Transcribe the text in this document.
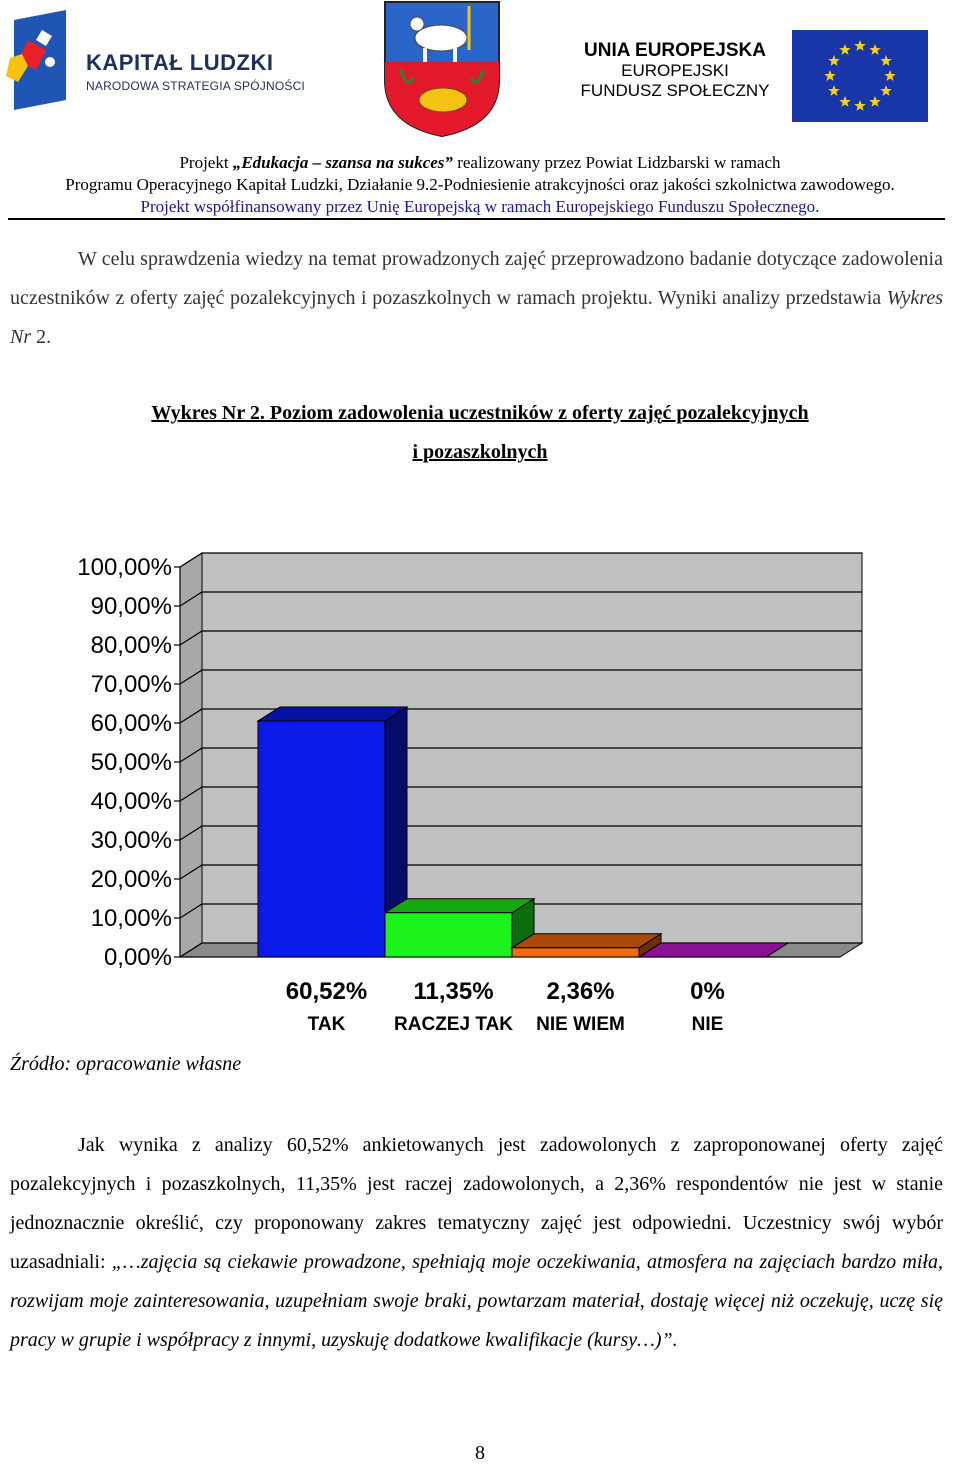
KAPITAŁ LUDZKI
NARODOWA STRATEGIA SPÓJNOŚCI
UNIA EUROPEJSKA
EUROPEJSKI
FUNDUSZ SPOŁECZNY
Projekt „Edukacja – szansa na sukces” realizowany przez Powiat Lidzbarski w ramach
Programu Operacyjnego Kapitał Ludzki, Działanie 9.2-Podniesienie atrakcyjności oraz jakości szkolnictwa zawodowego.
Projekt współfinansowany przez Unię Europejską w ramach Europejskiego Funduszu Społecznego.
W celu sprawdzenia wiedzy na temat prowadzonych zajęć przeprowadzono badanie dotyczące zadowolenia uczestników z oferty zajęć pozalekcyjnych i pozaszkolnych w ramach projektu. Wyniki analizy przedstawia Wykres Nr 2.
Wykres Nr 2. Poziom zadowolenia uczestników z oferty zajęć pozalekcyjnych
i pozaszkolnych
0,00%
10,00%
20,00%
30,00%
40,00%
50,00%
60,00%
70,00%
80,00%
90,00%
100,00%
60,52%
TAK
11,35%
RACZEJ TAK
2,36%
NIE WIEM
0%
NIE
Źródło: opracowanie własne
Jak wynika z analizy 60,52% ankietowanych jest zadowolonych z zaproponowanej oferty zajęć pozalekcyjnych i pozaszkolnych, 11,35% jest raczej zadowolonych, a 2,36% respondentów nie jest w stanie jednoznacznie określić, czy proponowany zakres tematyczny zajęć jest odpowiedni. Uczestnicy swój wybór uzasadniali: „…zajęcia są ciekawie prowadzone, spełniają moje oczekiwania, atmosfera na zajęciach bardzo miła, rozwijam moje zainteresowania, uzupełniam swoje braki, powtarzam materiał, dostaję więcej niż oczekuję, uczę się pracy w grupie i współpracy z innymi, uzyskuję dodatkowe kwalifikacje (kursy…)”.
8
